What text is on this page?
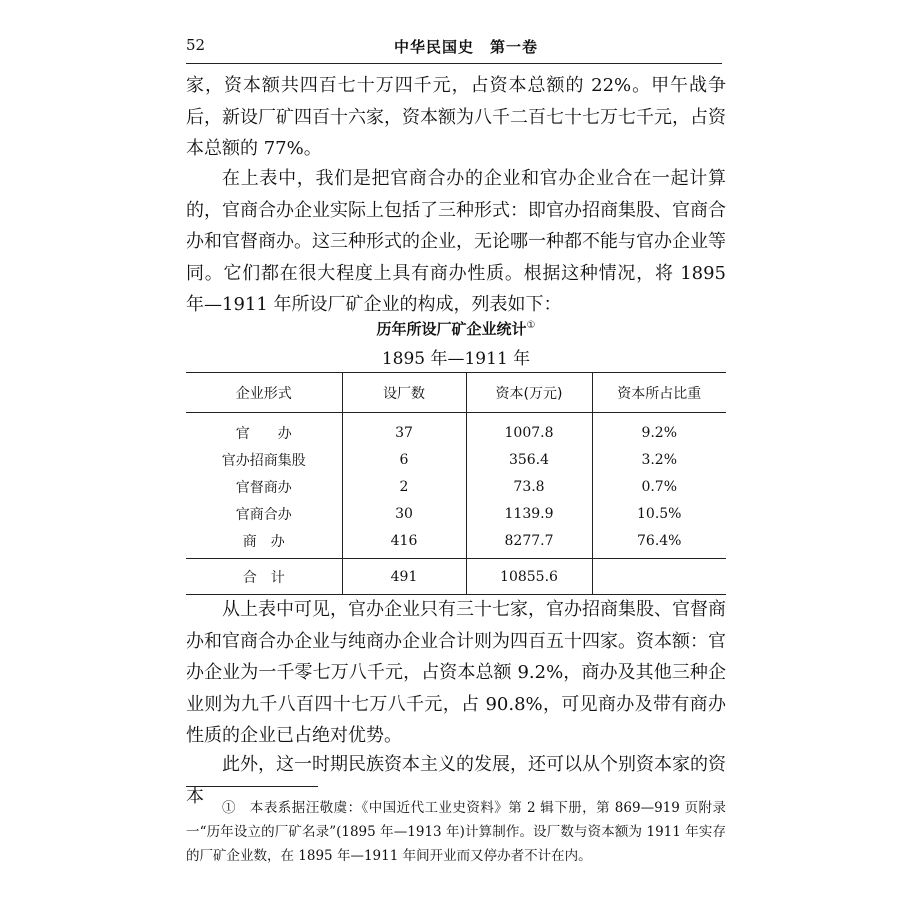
52	中华民国史　第一卷

家，资本额共四百七十万四千元，占资本总额的 22%。甲午战争后，新设厂矿四百十六家，资本额为八千二百七十七万七千元，占资本总额的 77%。

在上表中，我们是把官商合办的企业和官办企业合在一起计算的，官商合办企业实际上包括了三种形式：即官办招商集股、官商合办和官督商办。这三种形式的企业，无论哪一种都不能与官办企业等同。它们都在很大程度上具有商办性质。根据这种情况，将 1895 年—1911 年所设厂矿企业的构成，列表如下：

历年所设厂矿企业统计①
1895 年—1911 年
企业形式	设厂数	资本(万元)	资本所占比重
官　　办	37	1007.8	9.2%
官办招商集股	6	356.4	3.2%
官督商办	2	73.8	0.7%
官商合办	30	1139.9	10.5%
商　办	416	8277.7	76.4%
合　计	491	10855.6	

从上表中可见，官办企业只有三十七家，官办招商集股、官督商办和官商合办企业与纯商办企业合计则为四百五十四家。资本额：官办企业为一千零七万八千元，占资本总额 9.2%，商办及其他三种企业则为九千八百四十七万八千元，占 90.8%，可见商办及带有商办性质的企业已占绝对优势。

此外，这一时期民族资本主义的发展，还可以从个别资本家的资本

①　本表系据汪敬虞：《中国近代工业史资料》第 2 辑下册，第 869—919 页附录一“历年设立的厂矿名录”(1895 年—1913 年)计算制作。设厂数与资本额为 1911 年实存的厂矿企业数，在 1895 年—1911 年间开业而又停办者不计在内。
